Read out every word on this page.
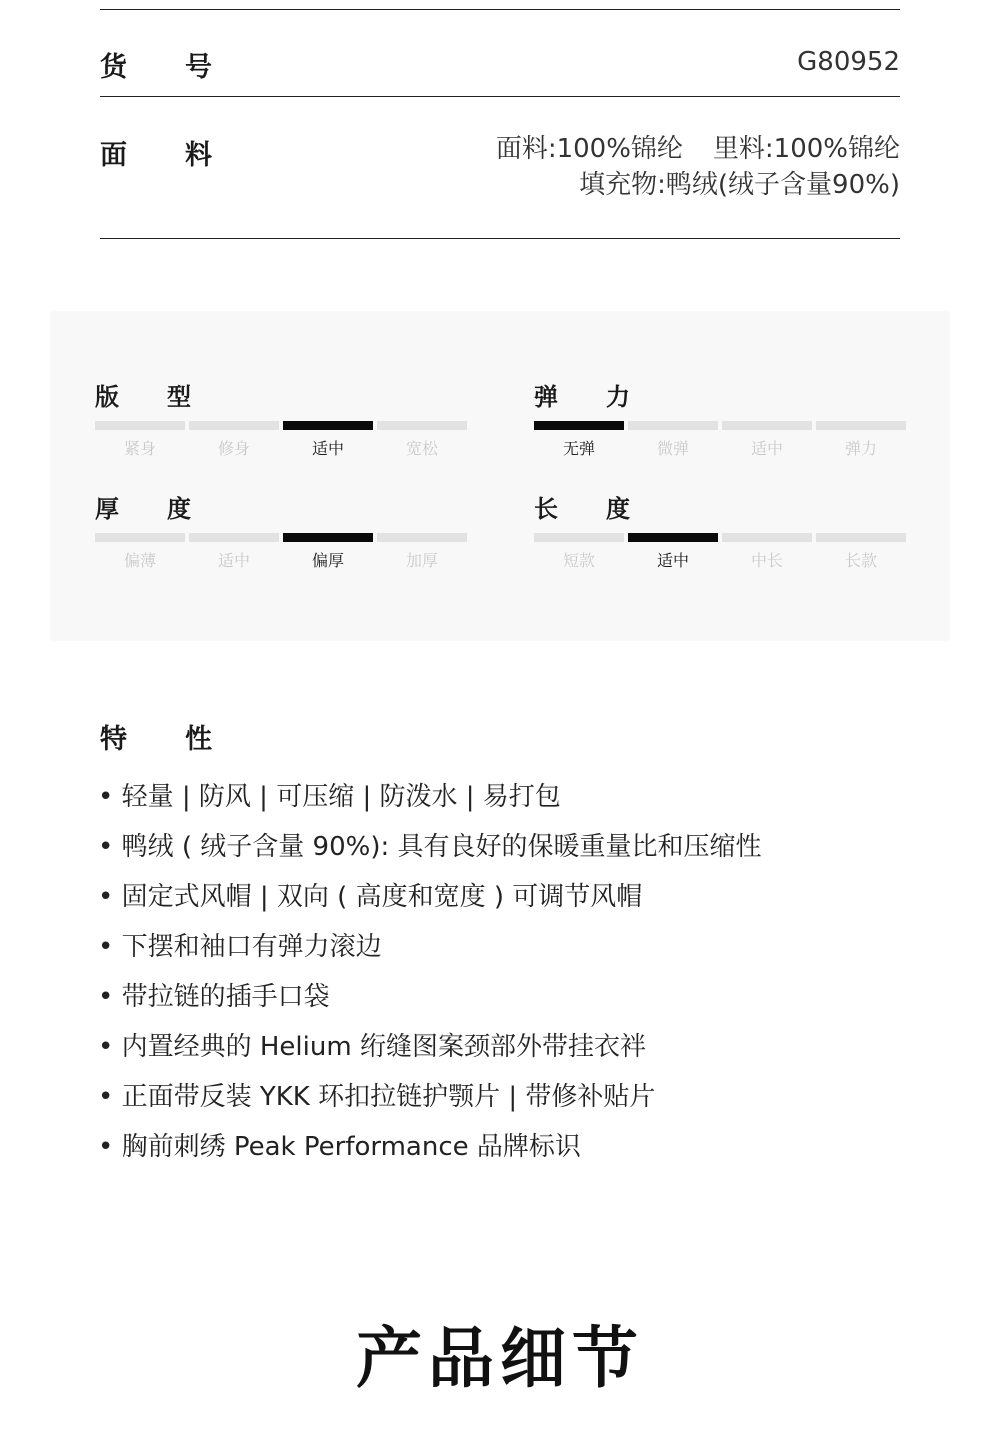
货 号	G80952
面 料	面料:100%锦纶 里料:100%锦纶
填充物:鸭绒(绒子含量90%)
版 型
紧身	修身	适中	宽松
弹 力
无弹	微弹	适中	弹力
厚 度
偏薄	适中	偏厚	加厚
长 度
短款	适中	中长	长款
特 性
• 轻量 | 防风 | 可压缩 | 防泼水 | 易打包
• 鸭绒 ( 绒子含量 90%): 具有良好的保暖重量比和压缩性
• 固定式风帽 | 双向 ( 高度和宽度 ) 可调节风帽
• 下摆和袖口有弹力滚边
• 带拉链的插手口袋
• 内置经典的 Helium 绗缝图案颈部外带挂衣袢
• 正面带反装 YKK 环扣拉链护颚片 | 带修补贴片
• 胸前刺绣 Peak Performance 品牌标识
产品细节
